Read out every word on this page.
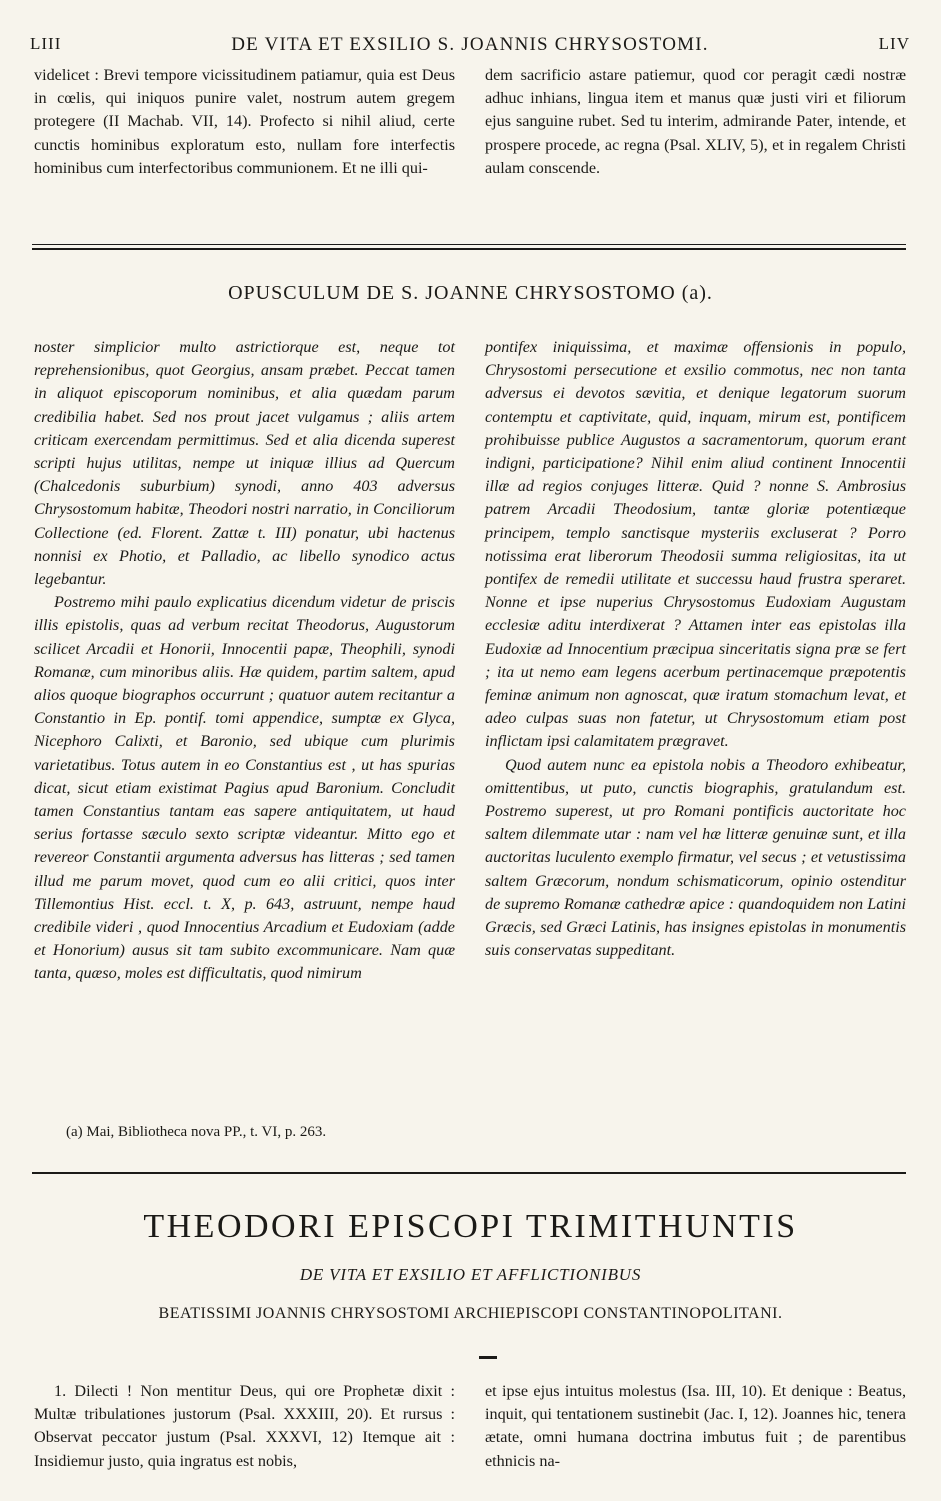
LIII	DE VITA ET EXSILIO S. JOANNIS CHRYSOSTOMI.	LIV

videlicet : Brevi tempore vicissitudinem patiamur, quia est Deus in cœlis, qui iniquos punire valet, nostrum autem gregem protegere (II Machab. VII, 14). Profecto si nihil aliud, certe cunctis hominibus exploratum esto, nullam fore interfectis hominibus cum interfectoribus communionem. Et ne illi qui-

dem sacrificio astare patiemur, quod cor peragit cædi nostræ adhuc inhians, lingua item et manus quæ justi viri et filiorum ejus sanguine rubet. Sed tu interim, admirande Pater, intende, et prospere procede, ac regna (Psal. XLIV, 5), et in regalem Christi aulam conscende.

OPUSCULUM DE S. JOANNE CHRYSOSTOMO (a).

noster simplicior multo astrictiorque est, neque tot reprehensionibus, quot Georgius, ansam præbet. Peccat tamen in aliquot episcoporum nominibus, et alia quædam parum credibilia habet. Sed nos prout jacet vulgamus ; aliis artem criticam exercendam permittimus. Sed et alia dicenda superest scripti hujus utilitas, nempe ut iniquæ illius ad Quercum (Chalcedonis suburbium) synodi, anno 403 adversus Chrysostomum habitæ, Theodori nostri narratio, in Conciliorum Collectione (ed. Florent. Zattæ t. III) ponatur, ubi hactenus nonnisi ex Photio, et Palladio, ac libello synodico actus legebantur.

Postremo mihi paulo explicatius dicendum videtur de priscis illis epistolis, quas ad verbum recitat Theodorus, Augustorum scilicet Arcadii et Honorii, Innocentii papæ, Theophili, synodi Romanæ, cum minoribus aliis. Hæ quidem, partim saltem, apud alios quoque biographos occurrunt ; quatuor autem recitantur a Constantio in Ep. pontif. tomi appendice, sumptæ ex Glyca, Nicephoro Calixti, et Baronio, sed ubique cum plurimis varietatibus. Totus autem in eo Constantius est , ut has spurias dicat, sicut etiam existimat Pagius apud Baronium. Concludit tamen Constantius tantam eas sapere antiquitatem, ut haud serius fortasse sæculo sexto scriptæ videantur. Mitto ego et revereor Constantii argumenta adversus has litteras ; sed tamen illud me parum movet, quod cum eo alii critici, quos inter Tillemontius Hist. eccl. t. X, p. 643, astruunt, nempe haud credibile videri , quod Innocentius Arcadium et Eudoxiam (adde et Honorium) ausus sit tam subito excommunicare. Nam quæ tanta, quæso, moles est difficultatis, quod nimirum

pontifex iniquissima, et maximæ offensionis in populo, Chrysostomi persecutione et exsilio commotus, nec non tanta adversus ei devotos sævitia, et denique legatorum suorum contemptu et captivitate, quid, inquam, mirum est, pontificem prohibuisse publice Augustos a sacramentorum, quorum erant indigni, participatione? Nihil enim aliud continent Innocentii illæ ad regios conjuges litteræ. Quid ? nonne S. Ambrosius patrem Arcadii Theodosium, tantæ gloriæ potentiæque principem, templo sanctisque mysteriis excluserat ? Porro notissima erat liberorum Theodosii summa religiositas, ita ut pontifex de remedii utilitate et successu haud frustra speraret. Nonne et ipse nuperius Chrysostomus Eudoxiam Augustam ecclesiæ aditu interdixerat ? Attamen inter eas epistolas illa Eudoxiæ ad Innocentium præcipua sinceritatis signa præ se fert ; ita ut nemo eam legens acerbum pertinacemque præpotentis feminæ animum non agnoscat, quæ iratum stomachum levat, et adeo culpas suas non fatetur, ut Chrysostomum etiam post inflictam ipsi calamitatem prægravet.

Quod autem nunc ea epistola nobis a Theodoro exhibeatur, omittentibus, ut puto, cunctis biographis, gratulandum est. Postremo superest, ut pro Romani pontificis auctoritate hoc saltem dilemmate utar : nam vel hæ litteræ genuinæ sunt, et illa auctoritas luculento exemplo firmatur, vel secus ; et vetustissima saltem Græcorum, nondum schismaticorum, opinio ostenditur de supremo Romanæ cathedræ apice : quandoquidem non Latini Græcis, sed Græci Latinis, has insignes epistolas in monumentis suis conservatas suppeditant.

(a) Mai, Bibliotheca nova PP., t. VI, p. 263.
THEODORI EPISCOPI TRIMITHUNTIS
DE VITA ET EXSILIO ET AFFLICTIONIBUS
BEATISSIMI JOANNIS CHRYSOSTOMI ARCHIEPISCOPI CONSTANTINOPOLITANI.

1. Dilecti ! Non mentitur Deus, qui ore Prophetæ dixit : Multæ tribulationes justorum (Psal. XXXIII, 20). Et rursus : Observat peccator justum (Psal. XXXVI, 12) Itemque ait : Insidiemur justo, quia ingratus est nobis,

et ipse ejus intuitus molestus (Isa. III, 10). Et denique : Beatus, inquit, qui tentationem sustinebit (Jac. I, 12). Joannes hic, tenera ætate, omni humana doctrina imbutus fuit ; de parentibus ethnicis na-
